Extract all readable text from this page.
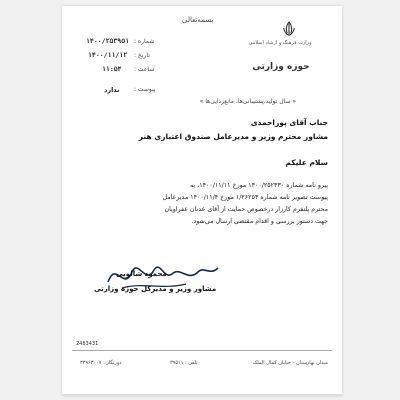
بسمه‌تعالی
وزارت فرهنگ و ارشاد اسلامی
حوزه وزارتی
شماره :
۱۴۰۰/۲۵۳۹۵۱
تاریخ :
۱۴۰۰/۱۱/۱۲
ساعت :
۱۱:۵۴
پیوست :
ندارد
« سال تولید،پشتیبانی‌ها، مانع‌زدایی‌ها »
جناب آقای پوراحمدی
مشاور محترم وزیر و مدیرعامل صندوق اعتباری هنر
سلام علیکم
پیرو نامه شماره ۱۴۰۰/۲۵۲۳۳۰ مورخ ۱۴۰۰/۱۱/۱۱، به
پیوست تصویر نامه شماره ۱/۲۶۲۵۳ مورخ ۱۴۰۰/۱۱/۴ مدیرعامل
محترم پلتفرم کارزار درخصوص حمایت از آقای عدنان عفراویان
جهت دستور بررسی و اقدام مقتضی ارسال می‌شود.
محمود شالویی
مشاور وزیر و مدیرکل حوزه وزارتی
2483431
میدان بهارستان - خیابان کمال الملک
تلفن : ۳۹۵۱۱
دورنگار : ۳۳۹۶۳۰۰۷
